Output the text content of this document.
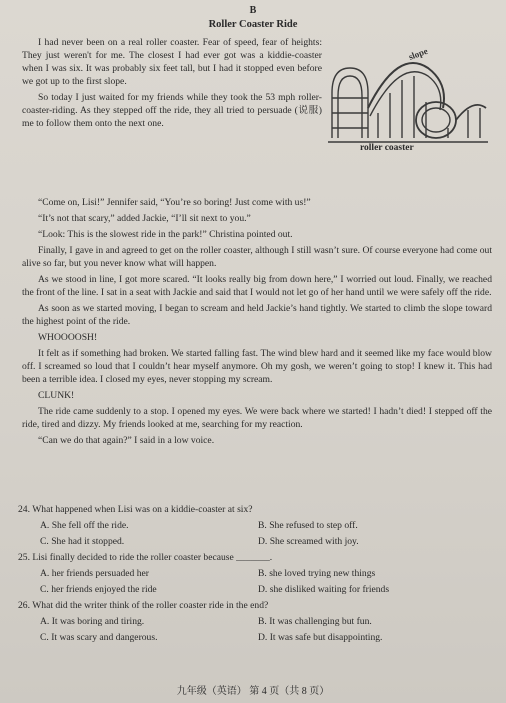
B
Roller Coaster Ride

I had never been on a real roller coaster. Fear of speed, fear of heights: They just weren't for me. The closest I had ever got was a kiddie-coaster when I was six. It was probably six feet tall, but I had it stopped even before we got up to the first slope.

So today I just waited for my friends while they took the 53 mph roller-coaster-riding. As they stepped off the ride, they all tried to persuade (说服) me to follow them onto the next one.

slope
roller coaster

“Come on, Lisi!” Jennifer said, “You’re so boring! Just come with us!”

“It’s not that scary,” added Jackie, “I’ll sit next to you.”

“Look: This is the slowest ride in the park!” Christina pointed out.

Finally, I gave in and agreed to get on the roller coaster, although I still wasn’t sure. Of course everyone had come out alive so far, but you never know what will happen.

As we stood in line, I got more scared. “It looks really big from down here,” I worried out loud. Finally, we reached the front of the line. I sat in a seat with Jackie and said that I would not let go of her hand until we were safely off the ride.

As soon as we started moving, I began to scream and held Jackie’s hand tightly. We started to climb the slope toward the highest point of the ride.

WHOOOOSH!

It felt as if something had broken. We started falling fast. The wind blew hard and it seemed like my face would blow off. I screamed so loud that I couldn’t hear myself anymore. Oh my gosh, we weren’t going to stop! I knew it. This had been a terrible idea. I closed my eyes, never stopping my scream.

CLUNK!

The ride came suddenly to a stop. I opened my eyes. We were back where we started! I hadn’t died! I stepped off the ride, tired and dizzy. My friends looked at me, searching for my reaction.

“Can we do that again?” I said in a low voice.

24. What happened when Lisi was on a kiddie-coaster at six?
A. She fell off the ride.	B. She refused to step off.
C. She had it stopped.	D. She screamed with joy.
25. Lisi finally decided to ride the roller coaster because _______.
A. her friends persuaded her	B. she loved trying new things
C. her friends enjoyed the ride	D. she disliked waiting for friends
26. What did the writer think of the roller coaster ride in the end?
A. It was boring and tiring.	B. It was challenging but fun.
C. It was scary and dangerous.	D. It was safe but disappointing.
九年级（英语） 第 4 页（共 8 页）
